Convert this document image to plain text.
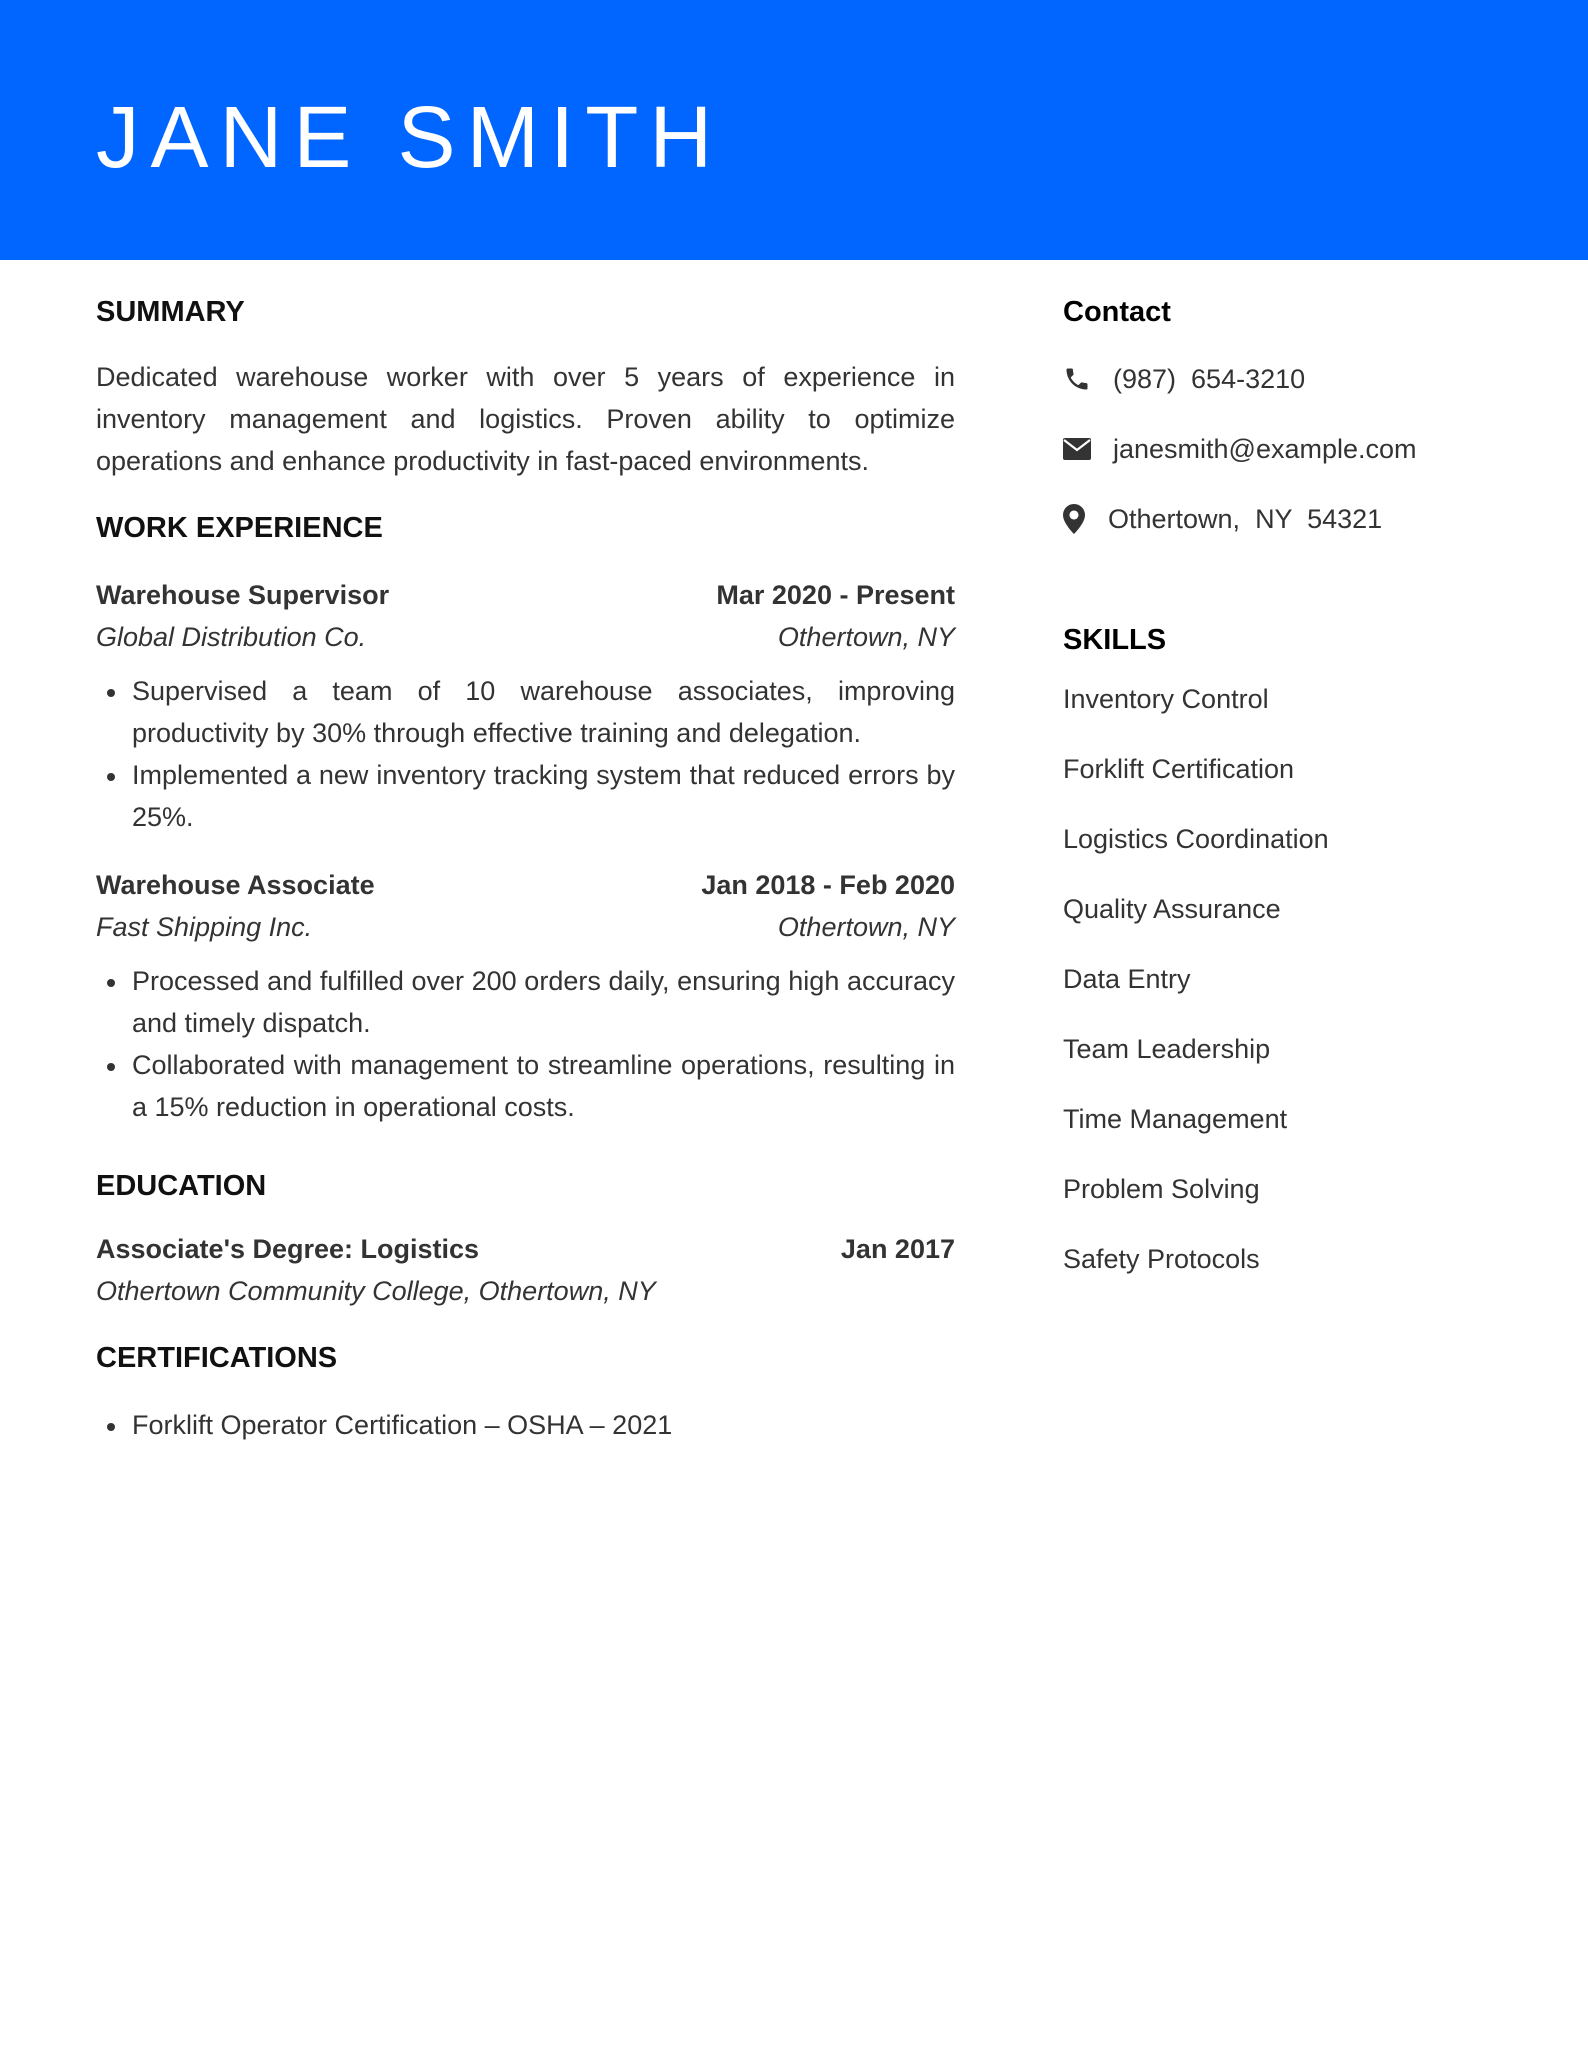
JANE SMITH
SUMMARY

Dedicated warehouse worker with over 5 years of experience in inventory management and logistics. Proven ability to optimize operations and enhance productivity in fast-paced environments.

WORK EXPERIENCE
Warehouse Supervisor	Mar 2020 - Present
Global Distribution Co.	Othertown, NY
Supervised a team of 10 warehouse associates, improving productivity by 30% through effective training and delegation.
Implemented a new inventory tracking system that reduced errors by 25%.
Warehouse Associate	Jan 2018 - Feb 2020
Fast Shipping Inc.	Othertown, NY
Processed and fulfilled over 200 orders daily, ensuring high accuracy and timely dispatch.
Collaborated with management to streamline operations, resulting in a 15% reduction in operational costs.
EDUCATION
Associate's Degree: Logistics	Jan 2017
Othertown Community College, Othertown, NY
CERTIFICATIONS
Forklift Operator Certification – OSHA – 2021
Contact
(987)  654-3210
janesmith@example.com
Othertown,  NY  54321
SKILLS
Inventory Control
Forklift Certification
Logistics Coordination
Quality Assurance
Data Entry
Team Leadership
Time Management
Problem Solving
Safety Protocols
